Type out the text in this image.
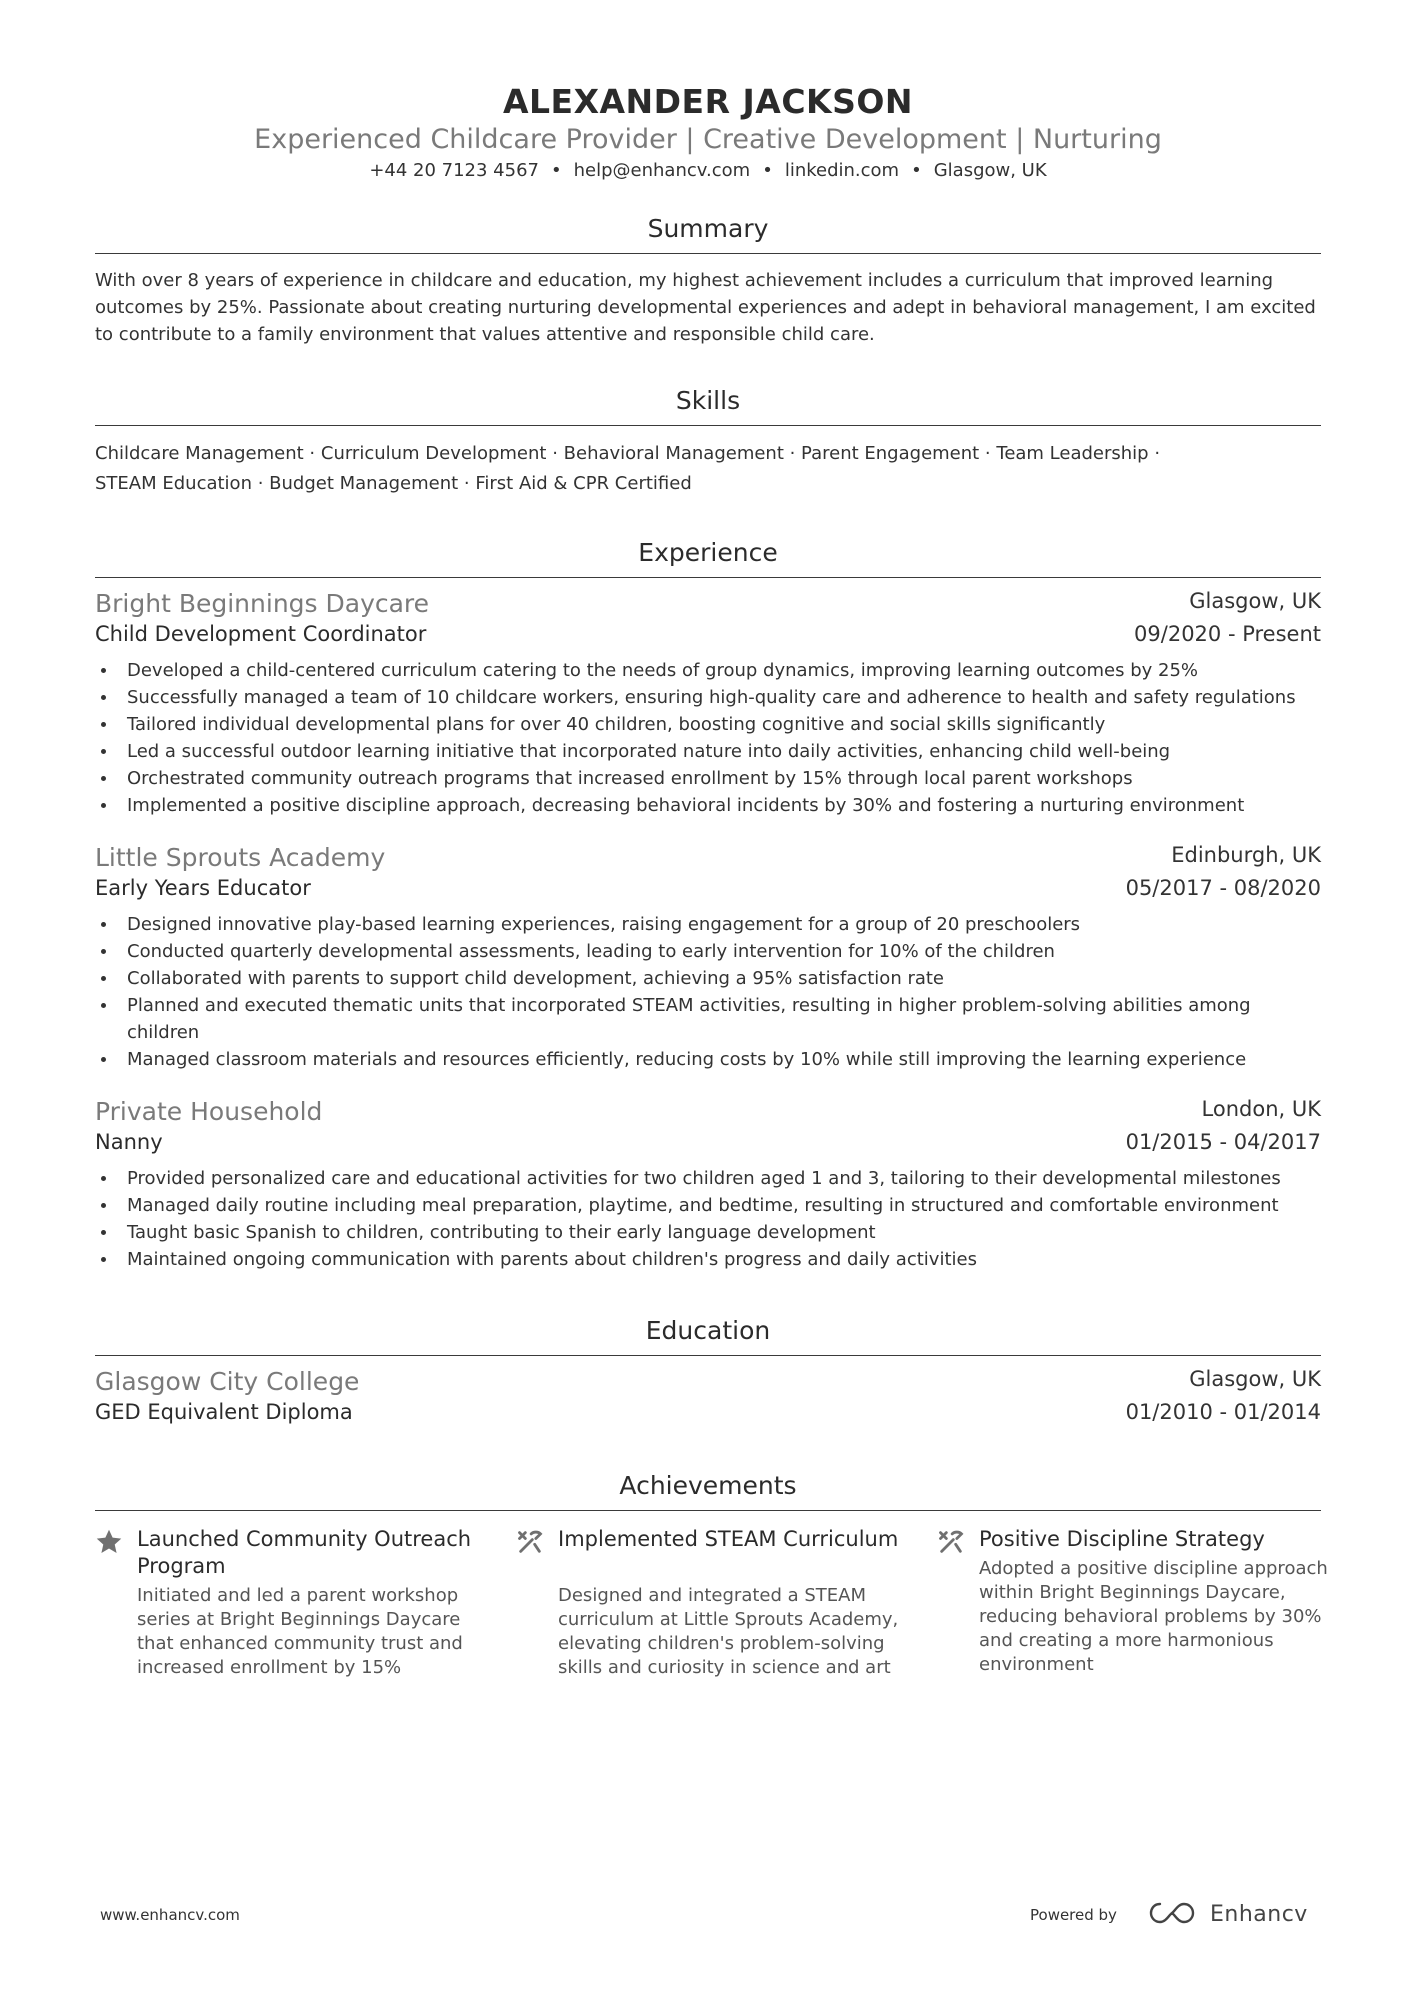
ALEXANDER JACKSON
Experienced Childcare Provider | Creative Development | Nurturing
+44 20 7123 4567 • help@enhancv.com • linkedin.com • Glasgow, UK
Summary
With over 8 years of experience in childcare and education, my highest achievement includes a curriculum that improved learning outcomes by 25%. Passionate about creating nurturing developmental experiences and adept in behavioral management, I am excited to contribute to a family environment that values attentive and responsible child care.
Skills
Childcare Management · Curriculum Development · Behavioral Management · Parent Engagement · Team Leadership ·
STEAM Education · Budget Management · First Aid & CPR Certified
Experience
Bright Beginnings Daycare	Glasgow, UK
Child Development Coordinator	09/2020 - Present
Developed a child-centered curriculum catering to the needs of group dynamics, improving learning outcomes by 25%
Successfully managed a team of 10 childcare workers, ensuring high-quality care and adherence to health and safety regulations
Tailored individual developmental plans for over 40 children, boosting cognitive and social skills significantly
Led a successful outdoor learning initiative that incorporated nature into daily activities, enhancing child well-being
Orchestrated community outreach programs that increased enrollment by 15% through local parent workshops
Implemented a positive discipline approach, decreasing behavioral incidents by 30% and fostering a nurturing environment
Little Sprouts Academy	Edinburgh, UK
Early Years Educator	05/2017 - 08/2020
Designed innovative play-based learning experiences, raising engagement for a group of 20 preschoolers
Conducted quarterly developmental assessments, leading to early intervention for 10% of the children
Collaborated with parents to support child development, achieving a 95% satisfaction rate
Planned and executed thematic units that incorporated STEAM activities, resulting in higher problem-solving abilities among children
Managed classroom materials and resources efficiently, reducing costs by 10% while still improving the learning experience
Private Household	London, UK
Nanny	01/2015 - 04/2017
Provided personalized care and educational activities for two children aged 1 and 3, tailoring to their developmental milestones
Managed daily routine including meal preparation, playtime, and bedtime, resulting in structured and comfortable environment
Taught basic Spanish to children, contributing to their early language development
Maintained ongoing communication with parents about children's progress and daily activities
Education
Glasgow City College	Glasgow, UK
GED Equivalent Diploma	01/2010 - 01/2014
Achievements
Launched Community Outreach Program
Initiated and led a parent workshop series at Bright Beginnings Daycare that enhanced community trust and increased enrollment by 15%
Implemented STEAM Curriculum
Designed and integrated a STEAM curriculum at Little Sprouts Academy, elevating children's problem-solving skills and curiosity in science and art
Positive Discipline Strategy
Adopted a positive discipline approach within Bright Beginnings Daycare, reducing behavioral problems by 30% and creating a more harmonious environment
www.enhancv.com	Powered by	Enhancv
